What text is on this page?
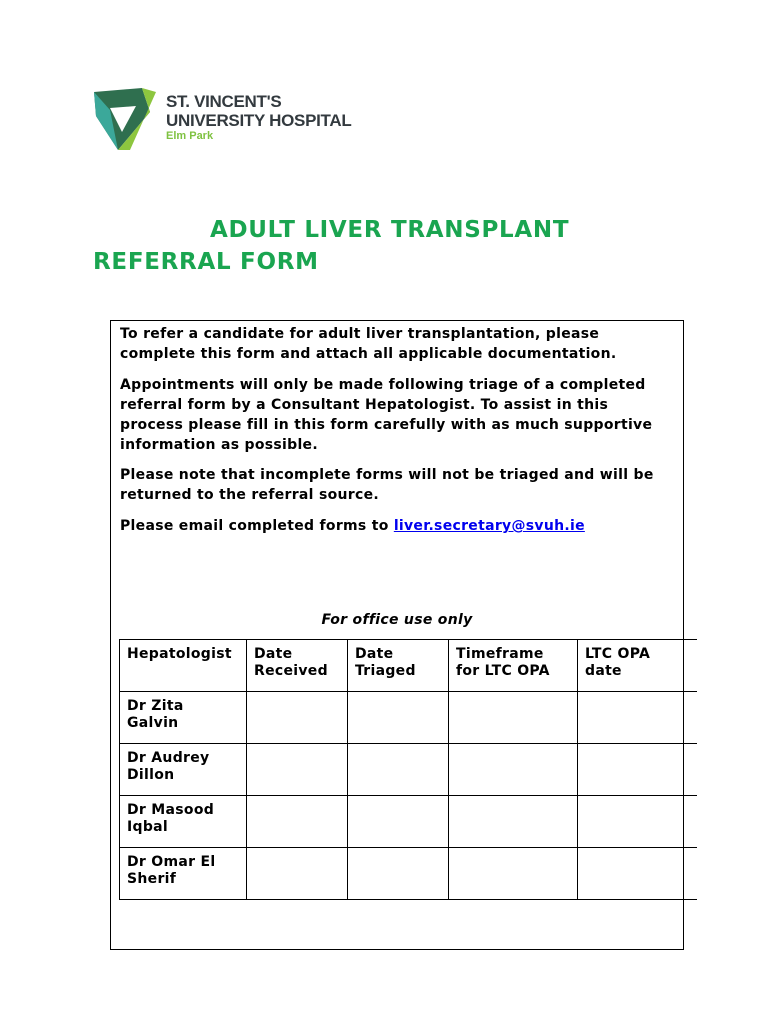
ST. VINCENT'S
UNIVERSITY HOSPITAL
Elm Park
ADULT LIVER TRANSPLANT
REFERRAL FORM

To refer a candidate for adult liver transplantation, please complete this form and attach all applicable documentation.

Appointments will only be made following triage of a completed referral form by a Consultant Hepatologist. To assist in this process please fill in this form carefully with as much supportive information as possible.

Please note that incomplete forms will not be triaged and will be returned to the referral source.

Please email completed forms to liver.secretary@svuh.ie

For office use only
Hepatologist	Date Received	Date Triaged	Timeframe for LTC OPA	LTC OPA date
Dr Zita Galvin				
Dr Audrey Dillon				
Dr Masood Iqbal				
Dr Omar El Sherif				
